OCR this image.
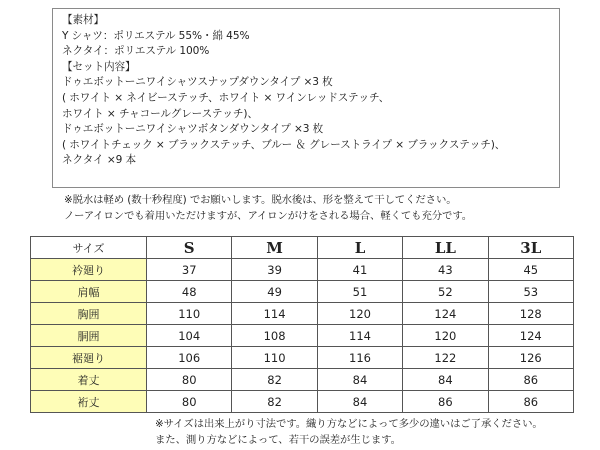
【素材】
Y シャツ：ポリエステル 55%・綿 45%
ネクタイ：ポリエステル 100%
【セット内容】
ドゥエボットーニワイシャツスナップダウンタイプ ×3 枚
( ホワイト × ネイビーステッチ、ホワイト × ワインレッドステッチ、
ホワイト × チャコールグレーステッチ)、
ドゥエボットーニワイシャツボタンダウンタイプ ×3 枚
( ホワイトチェック × ブラックステッチ、ブルー ＆ グレーストライプ × ブラックステッチ)、
ネクタイ ×9 本
※脱水は軽め (数十秒程度) でお願いします。脱水後は、形を整えて干してください。
ノーアイロンでも着用いただけますが、アイロンがけをされる場合、軽くても充分です。
サイズ	S	M	L	LL	3L
衿廻り	37	39	41	43	45
肩幅	48	49	51	52	53
胸囲	110	114	120	124	128
胴囲	104	108	114	120	124
裾廻り	106	110	116	122	126
着丈	80	82	84	84	86
裄丈	80	82	84	86	86
※サイズは出来上がり寸法です。織り方などによって多少の違いはご了承ください。
また、測り方などによって、若干の誤差が生じます。
